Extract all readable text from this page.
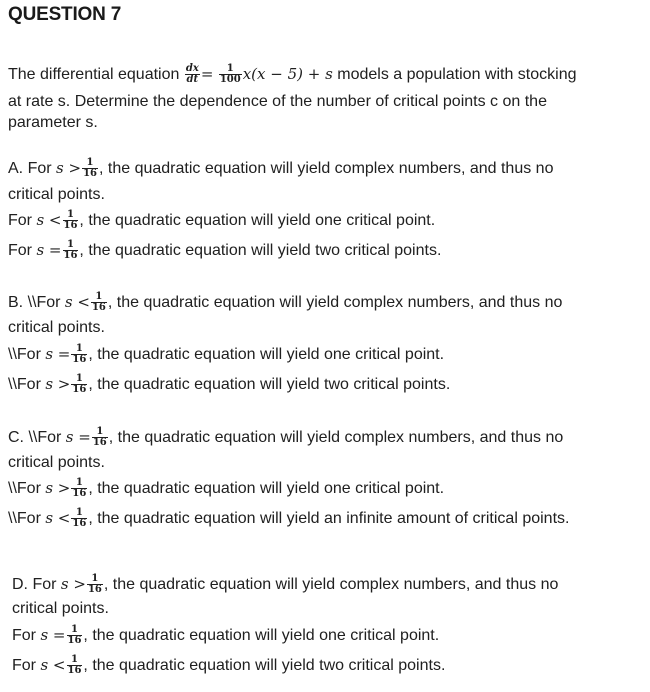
QUESTION 7
The differential equation $\frac{dx}{dt} = \frac{1}{100} x(x - 5) + s$ models a population with stocking
at rate s. Determine the dependence of the number of critical points c on the
parameter s.
A. For $s > \frac{1}{16}$ , the quadratic equation will yield complex numbers, and thus no
critical points.
For $s < \frac{1}{16}$ , the quadratic equation will yield one critical point.
For $s = \frac{1}{16}$ , the quadratic equation will yield two critical points.
B. \\For $s < \frac{1}{16}$ , the quadratic equation will yield complex numbers, and thus no
critical points.
\\For $s = \frac{1}{16}$ , the quadratic equation will yield one critical point.
\\For $s > \frac{1}{16}$ , the quadratic equation will yield two critical points.
C. \\For $s = \frac{1}{16}$ , the quadratic equation will yield complex numbers, and thus no
critical points.
\\For $s > \frac{1}{16}$ , the quadratic equation will yield one critical point.
\\For $s < \frac{1}{16}$ , the quadratic equation will yield an infinite amount of critical points.
D. For $s > \frac{1}{16}$ , the quadratic equation will yield complex numbers, and thus no
critical points.
For $s = \frac{1}{16}$ , the quadratic equation will yield one critical point.
For $s < \frac{1}{16}$ , the quadratic equation will yield two critical points.
